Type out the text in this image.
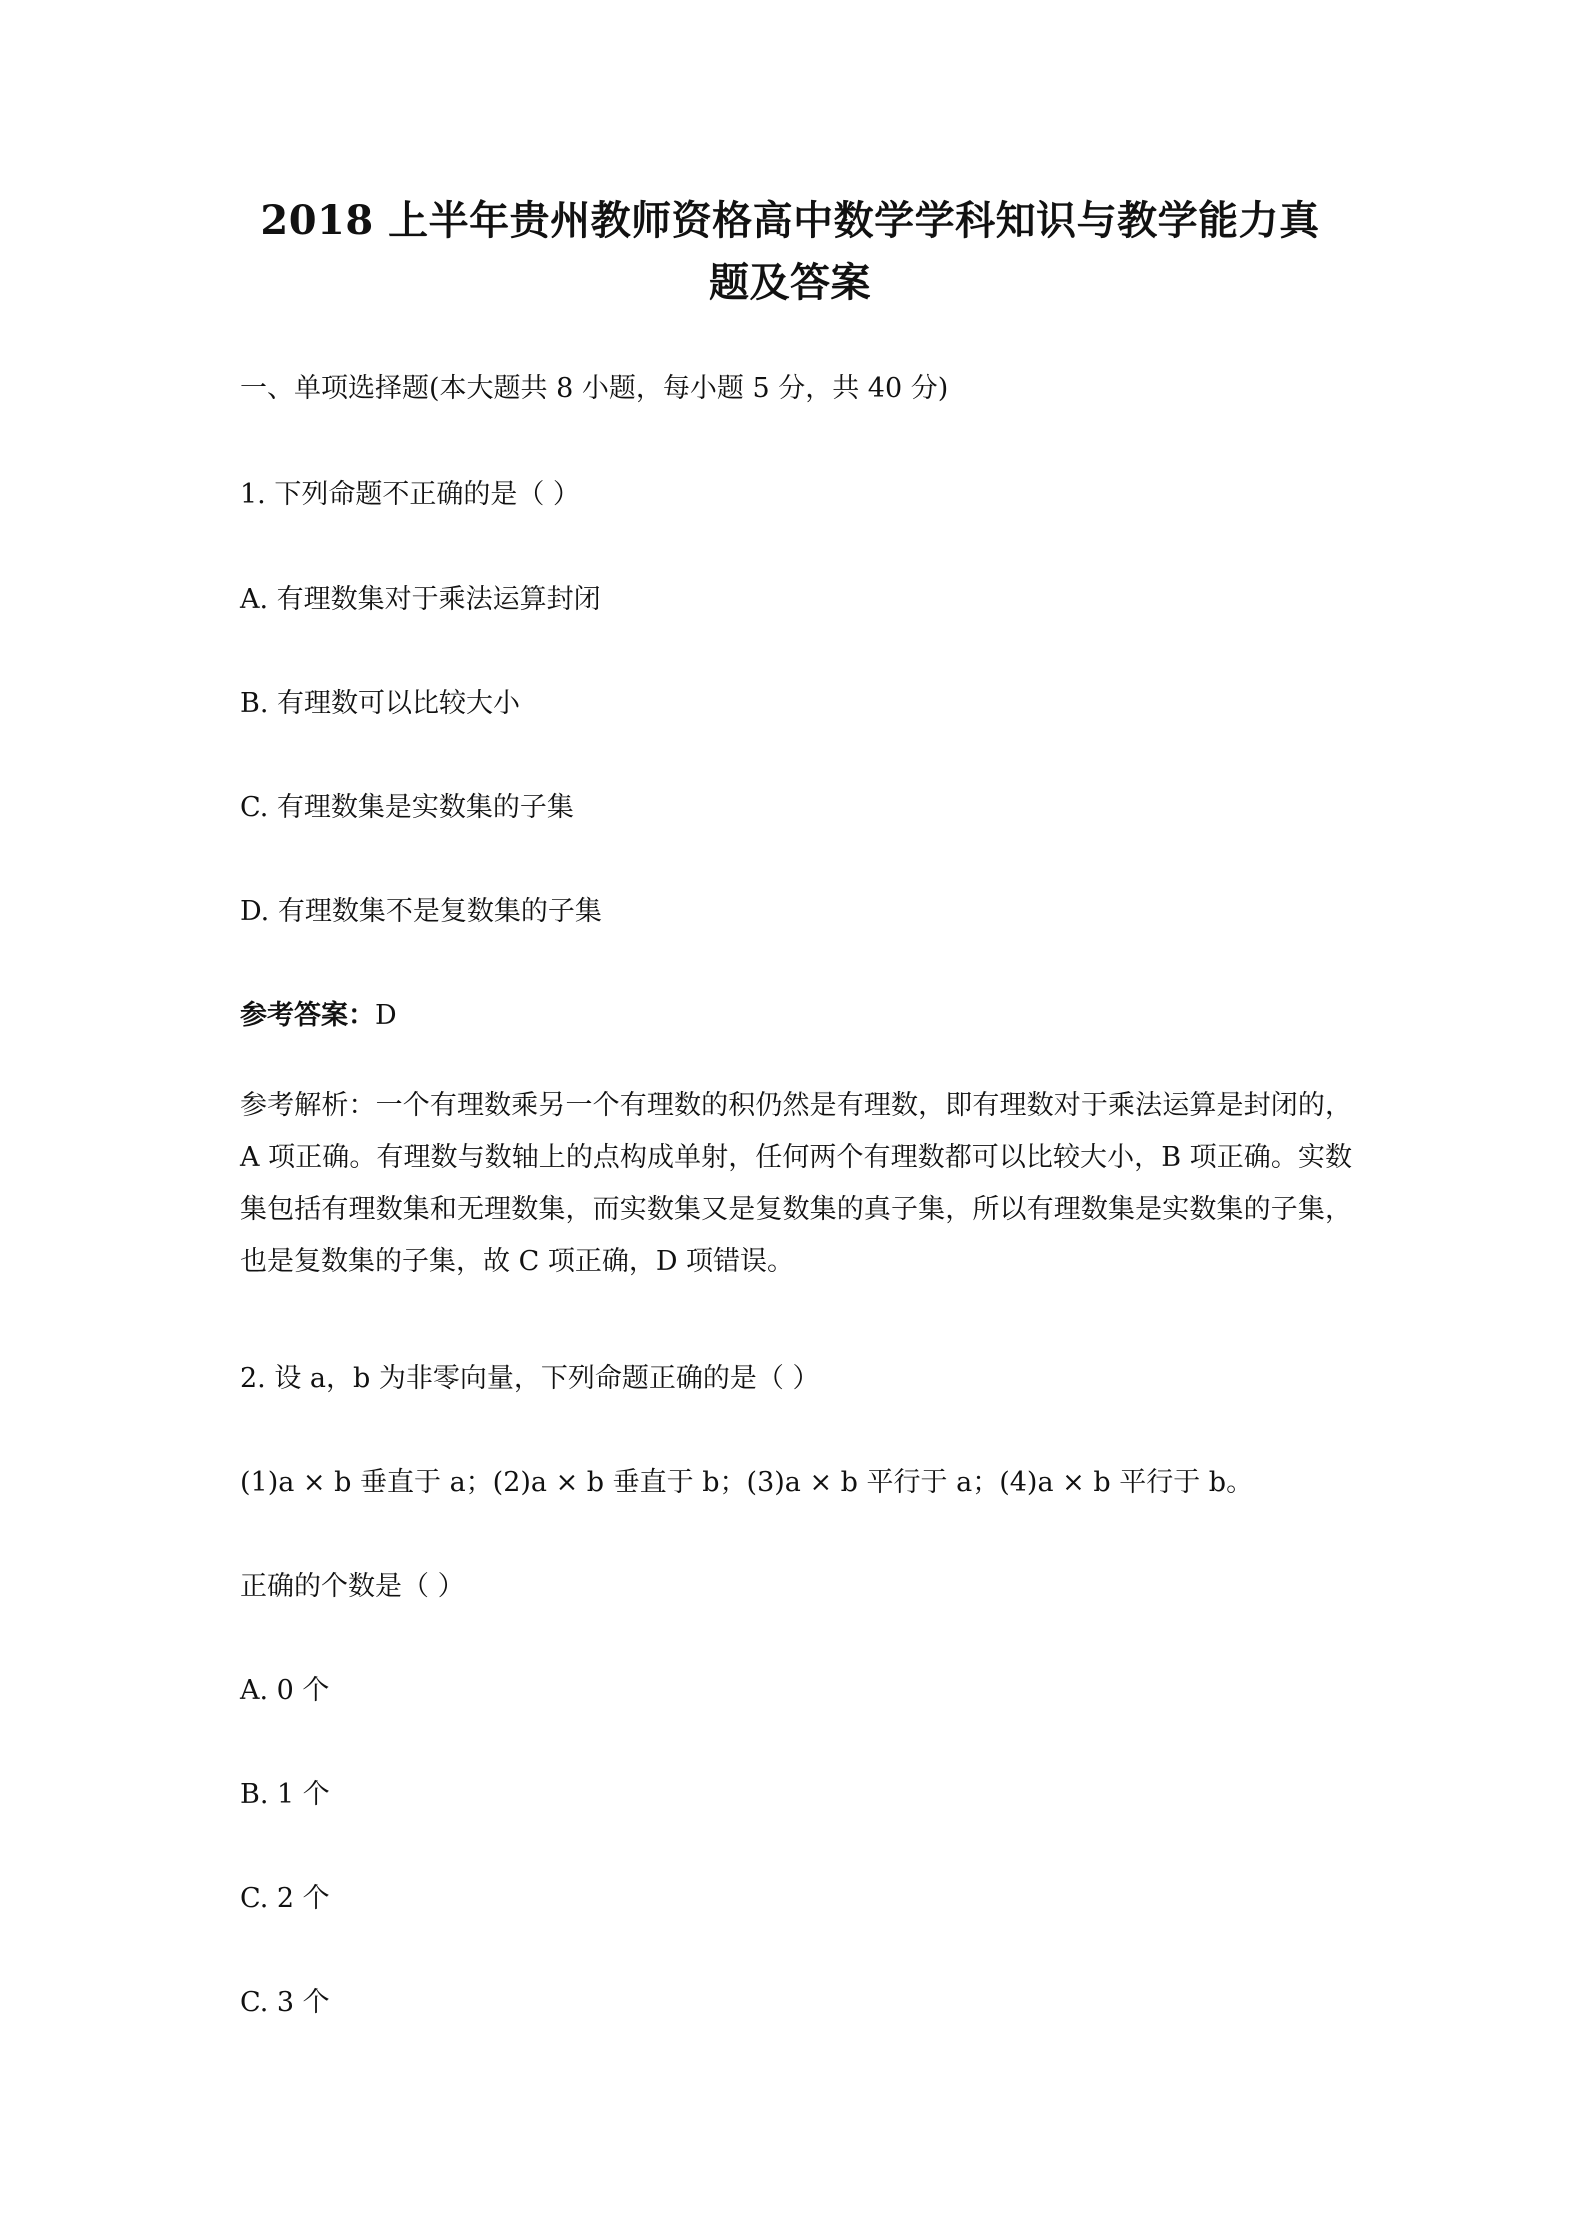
2018 上半年贵州教师资格高中数学学科知识与教学能力真
题及答案
一、单项选择题(本大题共 8 小题，每小题 5 分，共 40 分)
1. 下列命题不正确的是（ ）
A. 有理数集对于乘法运算封闭
B. 有理数可以比较大小
C. 有理数集是实数集的子集
D. 有理数集不是复数集的子集
参考答案：D
参考解析：一个有理数乘另一个有理数的积仍然是有理数，即有理数对于乘法运算是封闭的，A 项正确。有理数与数轴上的点构成单射，任何两个有理数都可以比较大小，B 项正确。实数集包括有理数集和无理数集，而实数集又是复数集的真子集，所以有理数集是实数集的子集，也是复数集的子集，故 C 项正确，D 项错误。
2. 设 a，b 为非零向量，下列命题正确的是（ ）
(1)a × b 垂直于 a；(2)a × b 垂直于 b；(3)a × b 平行于 a；(4)a × b 平行于 b。
正确的个数是（ ）
A. 0 个
B. 1 个
C. 2 个
C. 3 个
